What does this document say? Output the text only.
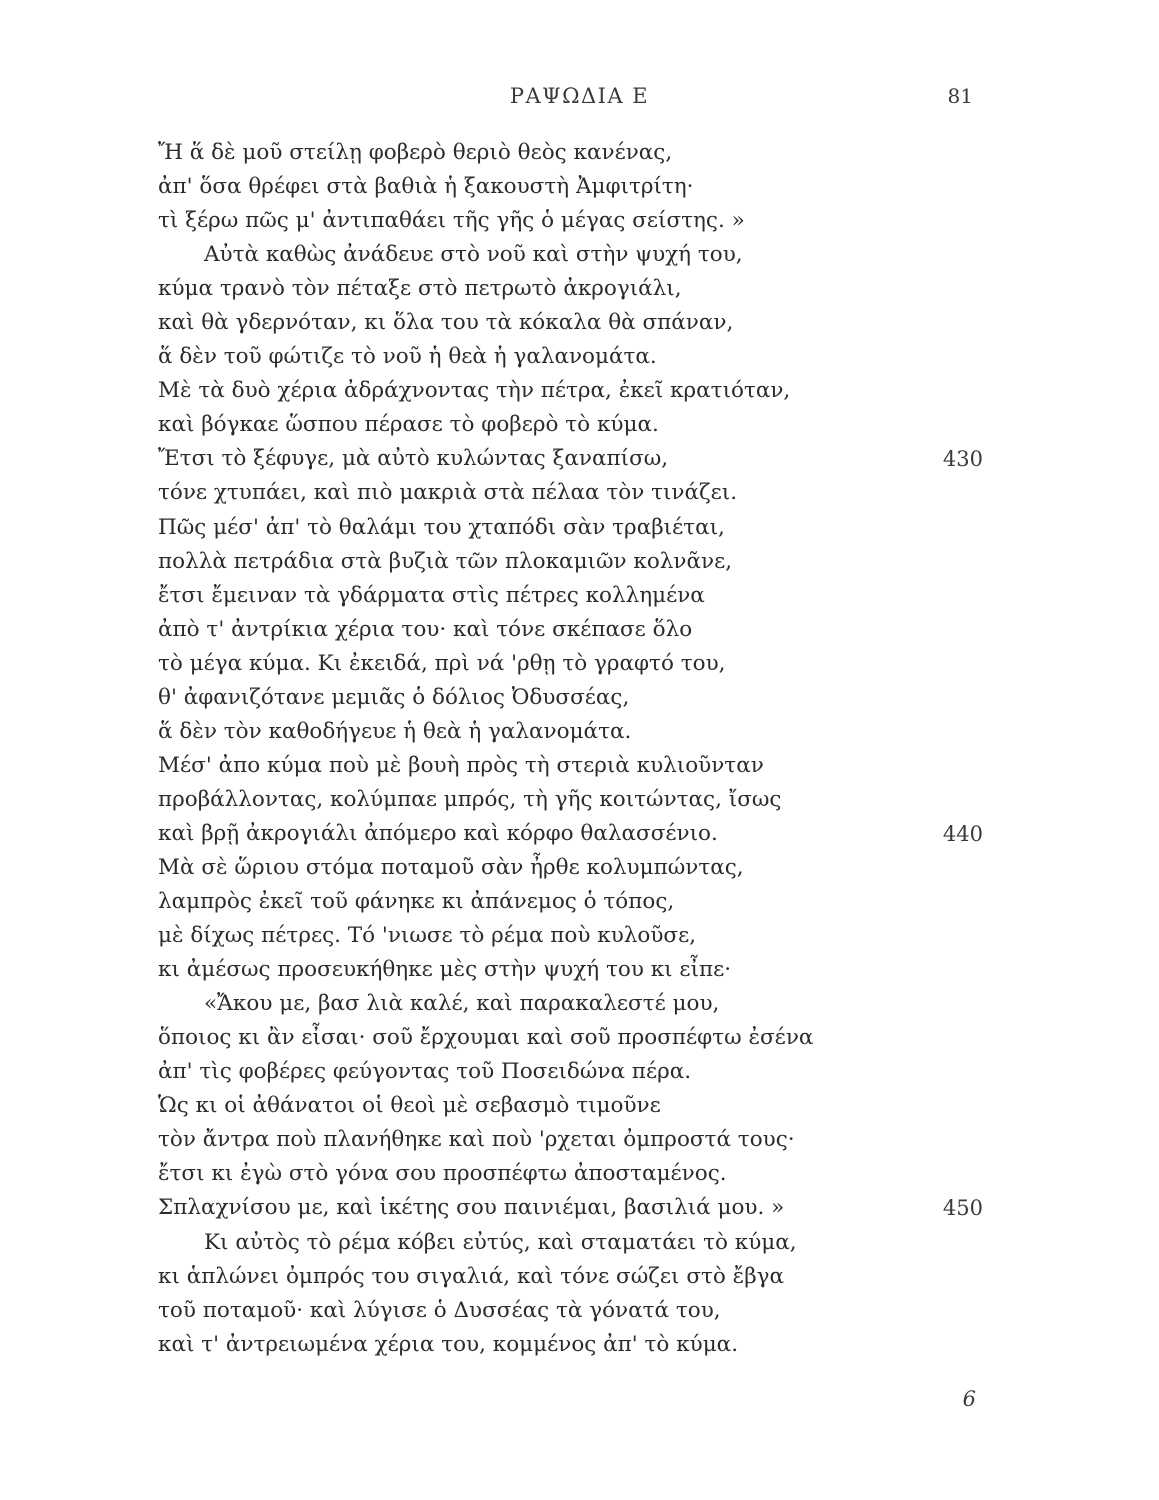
ΡΑΨΩΔΙΑ Ε	81
Ἤ ἅ δὲ μοῦ στείλῃ φοβερὸ θεριὸ θεὸς κανένας,
ἀπ' ὅσα θρέφει στὰ βαθιὰ ἡ ξακουστὴ Ἀμφιτρίτη·
τὶ ξέρω πῶς μ' ἀντιπαθάει τῆς γῆς ὁ μέγας σείστης. »
Αὐτὰ καθὼς ἀνάδευε στὸ νοῦ καὶ στὴν ψυχή του,
κύμα τρανὸ τὸν πέταξε στὸ πετρωτὸ ἀκρογιάλι,
καὶ θὰ γδερνόταν, κι ὅλα του τὰ κόκαλα θὰ σπάναν,
ἅ δὲν τοῦ φώτιζε τὸ νοῦ ἡ θεὰ ἡ γαλανομάτα.
Μὲ τὰ δυὸ χέρια ἀδράχνοντας τὴν πέτρα, ἐκεῖ κρατιόταν,
καὶ βόγκαε ὥσπου πέρασε τὸ φοβερὸ τὸ κύμα.
Ἔτσι τὸ ξέφυγε, μὰ αὐτὸ κυλώντας ξαναπίσω,	430
τόνε χτυπάει, καὶ πιὸ μακριὰ στὰ πέλαα τὸν τινάζει.
Πῶς μέσ' ἀπ' τὸ θαλάμι του χταπόδι σὰν τραβιέται,
πολλὰ πετράδια στὰ βυζιὰ τῶν πλοκαμιῶν κολνᾶνε,
ἔτσι ἔμειναν τὰ γδάρματα στὶς πέτρες κολλημένα
ἀπὸ τ' ἀντρίκια χέρια του· καὶ τόνε σκέπασε ὅλο
τὸ μέγα κύμα. Κι ἐκειδά, πρὶ νά 'ρθῃ τὸ γραφτό του,
θ' ἀφανιζότανε μεμιᾶς ὁ δόλιος Ὀδυσσέας,
ἅ δὲν τὸν καθοδήγευε ἡ θεὰ ἡ γαλανομάτα.
Μέσ' ἀπο κύμα ποὺ μὲ βουὴ πρὸς τὴ στεριὰ κυλιοῦνταν
προβάλλοντας, κολύμπαε μπρός, τὴ γῆς κοιτώντας, ἴσως
καὶ βρῇ ἀκρογιάλι ἀπόμερο καὶ κόρφο θαλασσένιο.	440
Μὰ σὲ ὥριου στόμα ποταμοῦ σὰν ἦρθε κολυμπώντας,
λαμπρὸς ἐκεῖ τοῦ φάνηκε κι ἀπάνεμος ὁ τόπος,
μὲ δίχως πέτρες. Τό 'νιωσε τὸ ρέμα ποὺ κυλοῦσε,
κι ἀμέσως προσευκήθηκε μὲς στὴν ψυχή του κι εἶπε·
«Ἄκου με, βασ λιὰ καλέ, καὶ παρακαλεστέ μου,
ὅποιος κι ἂν εἶσαι· σοῦ ἔρχουμαι καὶ σοῦ προσπέφτω ἐσένα
ἀπ' τὶς φοβέρες φεύγοντας τοῦ Ποσειδώνα πέρα.
Ὡς κι οἱ ἀθάνατοι οἱ θεοὶ μὲ σεβασμὸ τιμοῦνε
τὸν ἄντρα ποὺ πλανήθηκε καὶ ποὺ 'ρχεται ὀμπροστά τους·
ἔτσι κι ἐγὼ στὸ γόνα σου προσπέφτω ἀποσταμένος.
Σπλαχνίσου με, καὶ ἱκέτης σου παινιέμαι, βασιλιά μου. »	450
Κι αὐτὸς τὸ ρέμα κόβει εὐτύς, καὶ σταματάει τὸ κύμα,
κι ἁπλώνει ὀμπρός του σιγαλιά, καὶ τόνε σώζει στὸ ἔβγα
τοῦ ποταμοῦ· καὶ λύγισε ὁ Δυσσέας τὰ γόνατά του,
καὶ τ' ἀντρειωμένα χέρια του, κομμένος ἀπ' τὸ κύμα.
6
